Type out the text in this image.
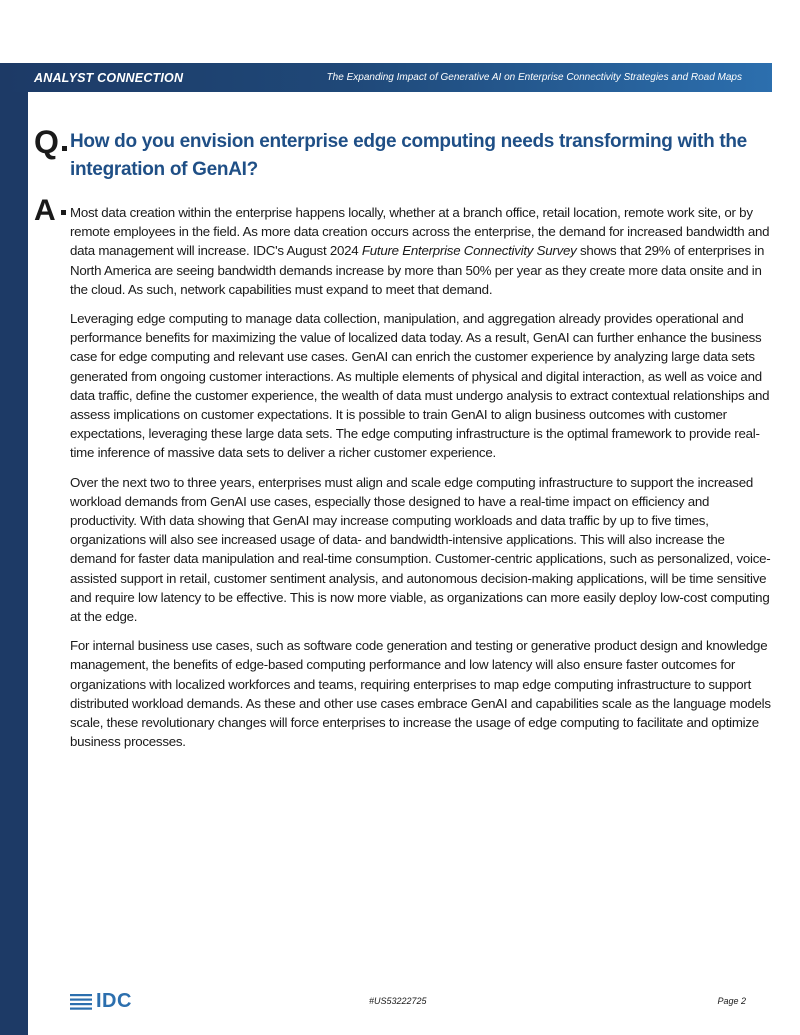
ANALYST CONNECTION	The Expanding Impact of Generative AI on Enterprise Connectivity Strategies and Road Maps
Q How do you envision enterprise edge computing needs transforming with the integration of GenAI?
A Most data creation within the enterprise happens locally, whether at a branch office, retail location, remote work site, or by remote employees in the field. As more data creation occurs across the enterprise, the demand for increased bandwidth and data management will increase. IDC's August 2024 Future Enterprise Connectivity Survey shows that 29% of enterprises in North America are seeing bandwidth demands increase by more than 50% per year as they create more data onsite and in the cloud. As such, network capabilities must expand to meet that demand.

Leveraging edge computing to manage data collection, manipulation, and aggregation already provides operational and performance benefits for maximizing the value of localized data today. As a result, GenAI can further enhance the business case for edge computing and relevant use cases. GenAI can enrich the customer experience by analyzing large data sets generated from ongoing customer interactions. As multiple elements of physical and digital interaction, as well as voice and data traffic, define the customer experience, the wealth of data must undergo analysis to extract contextual relationships and assess implications on customer expectations. It is possible to train GenAI to align business outcomes with customer expectations, leveraging these large data sets. The edge computing infrastructure is the optimal framework to provide real-time inference of massive data sets to deliver a richer customer experience.

Over the next two to three years, enterprises must align and scale edge computing infrastructure to support the increased workload demands from GenAI use cases, especially those designed to have a real-time impact on efficiency and productivity. With data showing that GenAI may increase computing workloads and data traffic by up to five times, organizations will also see increased usage of data- and bandwidth-intensive applications. This will also increase the demand for faster data manipulation and real-time consumption. Customer-centric applications, such as personalized, voice-assisted support in retail, customer sentiment analysis, and autonomous decision-making applications, will be time sensitive and require low latency to be effective. This is now more viable, as organizations can more easily deploy low-cost computing at the edge.

For internal business use cases, such as software code generation and testing or generative product design and knowledge management, the benefits of edge-based computing performance and low latency will also ensure faster outcomes for organizations with localized workforces and teams, requiring enterprises to map edge computing infrastructure to support distributed workload demands. As these and other use cases embrace GenAI and capabilities scale as the language models scale, these revolutionary changes will force enterprises to increase the usage of edge computing to facilitate and optimize business processes.

IDC	#US53222725	Page 2
